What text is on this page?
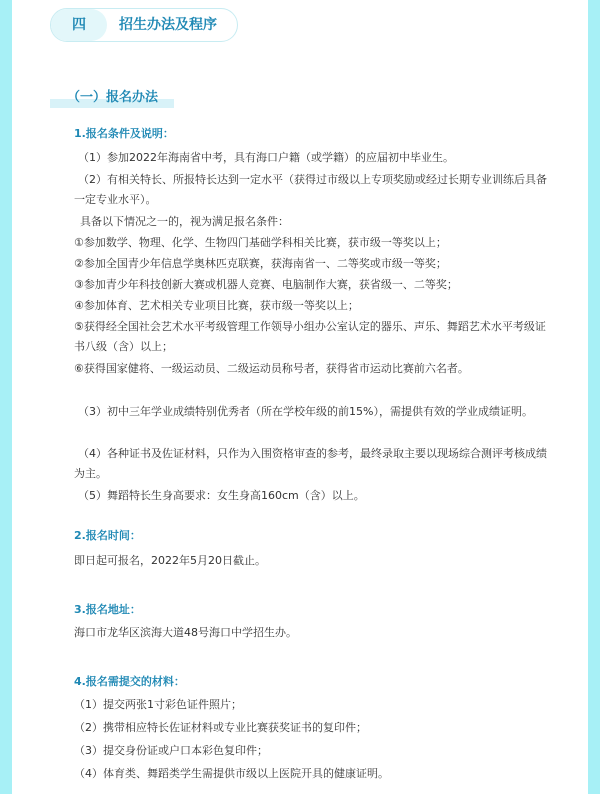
四	招生办法及程序
（一）报名办法
1.报名条件及说明：
（1）参加2022年海南省中考，具有海口户籍（或学籍）的应届初中毕业生。
（2）有相关特长、所报特长达到一定水平（获得过市级以上专项奖励或经过长期专业训练后具备一定专业水平）。
具备以下情况之一的，视为满足报名条件：
①参加数学、物理、化学、生物四门基础学科相关比赛，获市级一等奖以上；
②参加全国青少年信息学奥林匹克联赛，获海南省一、二等奖或市级一等奖；
③参加青少年科技创新大赛或机器人竞赛、电脑制作大赛，获省级一、二等奖；
④参加体育、艺术相关专业项目比赛，获市级一等奖以上；
⑤获得经全国社会艺术水平考级管理工作领导小组办公室认定的器乐、声乐、舞蹈艺术水平考级证书八级（含）以上；
⑥获得国家健将、一级运动员、二级运动员称号者，获得省市运动比赛前六名者。
（3）初中三年学业成绩特别优秀者（所在学校年级的前15%），需提供有效的学业成绩证明。
（4）各种证书及佐证材料，只作为入围资格审查的参考，最终录取主要以现场综合测评考核成绩为主。
（5）舞蹈特长生身高要求：女生身高160cm（含）以上。
2.报名时间：
即日起可报名，2022年5月20日截止。
3.报名地址：
海口市龙华区滨海大道48号海口中学招生办。
4.报名需提交的材料：
（1）提交两张1寸彩色证件照片；
（2）携带相应特长佐证材料或专业比赛获奖证书的复印件；
（3）提交身份证或户口本彩色复印件；
（4）体育类、舞蹈类学生需提供市级以上医院开具的健康证明。
